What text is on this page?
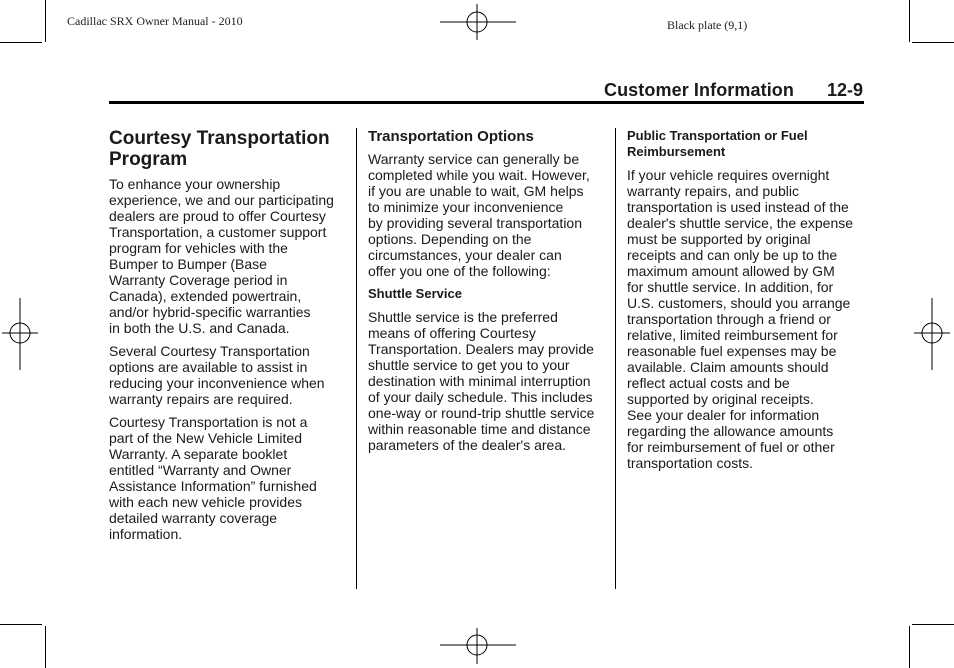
Cadillac SRX Owner Manual - 2010	Black plate (9,1)
Customer Information 12-9
Courtesy Transportation
Program

To enhance your ownership
experience, we and our participating
dealers are proud to offer Courtesy
Transportation, a customer support
program for vehicles with the
Bumper to Bumper (Base
Warranty Coverage period in
Canada), extended powertrain,
and/or hybrid-specific warranties
in both the U.S. and Canada.

Several Courtesy Transportation
options are available to assist in
reducing your inconvenience when
warranty repairs are required.

Courtesy Transportation is not a
part of the New Vehicle Limited
Warranty. A separate booklet
entitled “Warranty and Owner
Assistance Information” furnished
with each new vehicle provides
detailed warranty coverage
information.

Transportation Options

Warranty service can generally be
completed while you wait. However,
if you are unable to wait, GM helps
to minimize your inconvenience
by providing several transportation
options. Depending on the
circumstances, your dealer can
offer you one of the following:

Shuttle Service

Shuttle service is the preferred
means of offering Courtesy
Transportation. Dealers may provide
shuttle service to get you to your
destination with minimal interruption
of your daily schedule. This includes
one-way or round-trip shuttle service
within reasonable time and distance
parameters of the dealer's area.

Public Transportation or Fuel
Reimbursement

If your vehicle requires overnight
warranty repairs, and public
transportation is used instead of the
dealer's shuttle service, the expense
must be supported by original
receipts and can only be up to the
maximum amount allowed by GM
for shuttle service. In addition, for
U.S. customers, should you arrange
transportation through a friend or
relative, limited reimbursement for
reasonable fuel expenses may be
available. Claim amounts should
reflect actual costs and be
supported by original receipts.
See your dealer for information
regarding the allowance amounts
for reimbursement of fuel or other
transportation costs.
